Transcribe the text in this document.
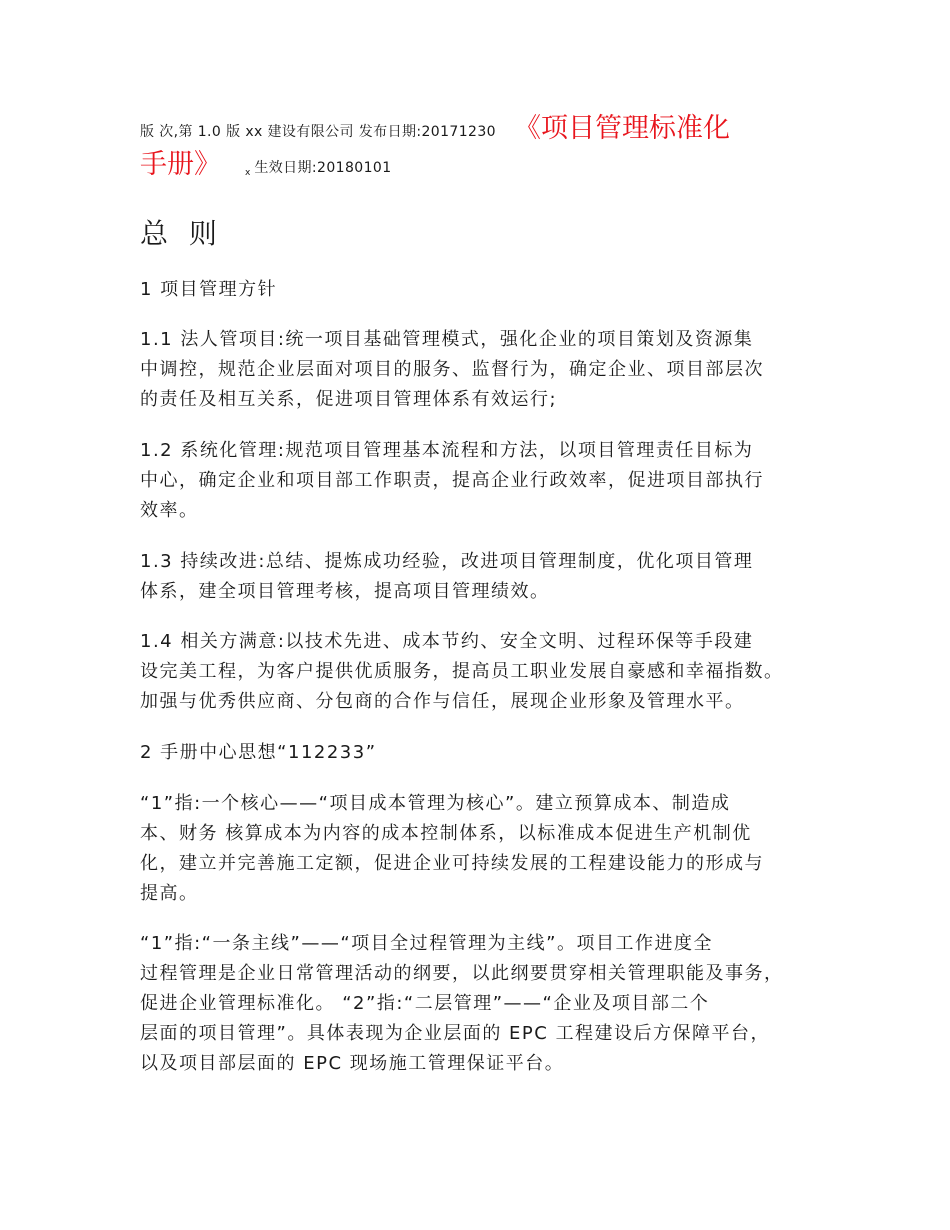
版 次,第 1.0 版 xx 建设有限公司 发布日期:20171230 《项目管理标准化
手册》	x 生效日期:20180101
总 则
1 项目管理方针
1.1 法人管项目:统一项目基础管理模式，强化企业的项目策划及资源集
中调控，规范企业层面对项目的服务、监督行为，确定企业、项目部层次
的责任及相互关系，促进项目管理体系有效运行;
1.2 系统化管理:规范项目管理基本流程和方法，以项目管理责任目标为
中心，确定企业和项目部工作职责，提高企业行政效率，促进项目部执行
效率。
1.3 持续改进:总结、提炼成功经验，改进项目管理制度，优化项目管理
体系，建全项目管理考核，提高项目管理绩效。
1.4 相关方满意:以技术先进、成本节约、安全文明、过程环保等手段建
设完美工程，为客户提供优质服务，提高员工职业发展自豪感和幸福指数。
加强与优秀供应商、分包商的合作与信任，展现企业形象及管理水平。
2 手册中心思想“112233”
“1”指:一个核心——“项目成本管理为核心”。建立预算成本、制造成
本、财务 核算成本为内容的成本控制体系，以标准成本促进生产机制优
化，建立并完善施工定额，促进企业可持续发展的工程建设能力的形成与
提高。
“1”指:“一条主线”——“项目全过程管理为主线”。项目工作进度全
过程管理是企业日常管理活动的纲要，以此纲要贯穿相关管理职能及事务，
促进企业管理标准化。 “2”指:“二层管理”——“企业及项目部二个
层面的项目管理”。具体表现为企业层面的 EPC 工程建设后方保障平台，
以及项目部层面的 EPC 现场施工管理保证平台。
